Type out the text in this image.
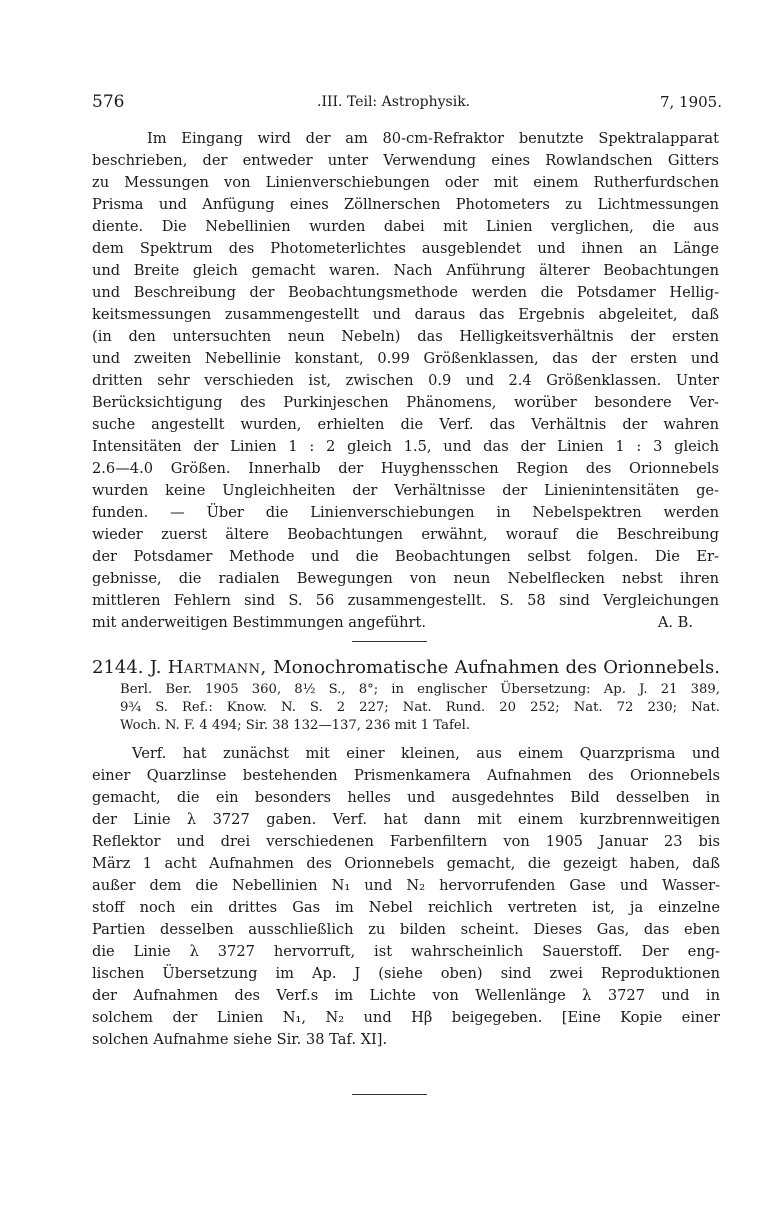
576	.III. Teil: Astrophysik.	7, 1905.
Im Eingang wird der am 80-cm-Refraktor benutzte Spektralapparat
beschrieben, der entweder unter Verwendung eines Rowlandschen Gitters
zu Messungen von Linienverschiebungen oder mit einem Rutherfurdschen
Prisma und Anfügung eines Zöllnerschen Photometers zu Lichtmessungen
diente. Die Nebellinien wurden dabei mit Linien verglichen, die aus
dem Spektrum des Photometerlichtes ausgeblendet und ihnen an Länge
und Breite gleich gemacht waren. Nach Anführung älterer Beobachtungen
und Beschreibung der Beobachtungsmethode werden die Potsdamer Hellig-
keitsmessungen zusammengestellt und daraus das Ergebnis abgeleitet, daß
(in den untersuchten neun Nebeln) das Helligkeitsverhältnis der ersten
und zweiten Nebellinie konstant, 0.99 Größenklassen, das der ersten und
dritten sehr verschieden ist, zwischen 0.9 und 2.4 Größenklassen. Unter
Berücksichtigung des Purkinjeschen Phänomens, worüber besondere Ver-
suche angestellt wurden, erhielten die Verf. das Verhältnis der wahren
Intensitäten der Linien 1 : 2 gleich 1.5, und das der Linien 1 : 3 gleich
2.6—4.0 Größen. Innerhalb der Huyghensschen Region des Orionnebels
wurden keine Ungleichheiten der Verhältnisse der Linienintensitäten ge-
funden. — Über die Linienverschiebungen in Nebelspektren werden
wieder zuerst ältere Beobachtungen erwähnt, worauf die Beschreibung
der Potsdamer Methode und die Beobachtungen selbst folgen. Die Er-
gebnisse, die radialen Bewegungen von neun Nebelflecken nebst ihren
mittleren Fehlern sind S. 56 zusammengestellt. S. 58 sind Vergleichungen
mit anderweitigen Bestimmungen angeführt.	A. B.
2144. J. Hartmann, Monochromatische Aufnahmen des Orionnebels.
Berl. Ber. 1905 360, 8½ S., 8°; in englischer Übersetzung: Ap. J. 21 389,
9¾ S. Ref.: Know. N. S. 2 227; Nat. Rund. 20 252; Nat. 72 230; Nat.
Woch. N. F. 4 494; Sir. 38 132—137, 236 mit 1 Tafel.
Verf. hat zunächst mit einer kleinen, aus einem Quarzprisma und
einer Quarzlinse bestehenden Prismenkamera Aufnahmen des Orionnebels
gemacht, die ein besonders helles und ausgedehntes Bild desselben in
der Linie λ 3727 gaben. Verf. hat dann mit einem kurzbrennweitigen
Reflektor und drei verschiedenen Farbenfiltern von 1905 Januar 23 bis
März 1 acht Aufnahmen des Orionnebels gemacht, die gezeigt haben, daß
außer dem die Nebellinien N₁ und N₂ hervorrufenden Gase und Wasser-
stoff noch ein drittes Gas im Nebel reichlich vertreten ist, ja einzelne
Partien desselben ausschließlich zu bilden scheint. Dieses Gas, das eben
die Linie λ 3727 hervorruft, ist wahrscheinlich Sauerstoff. Der eng-
lischen Übersetzung im Ap. J (siehe oben) sind zwei Reproduktionen
der Aufnahmen des Verf.s im Lichte von Wellenlänge λ 3727 und in
solchem der Linien N₁, N₂ und Hβ beigegeben. [Eine Kopie einer
solchen Aufnahme siehe Sir. 38 Taf. XI].
